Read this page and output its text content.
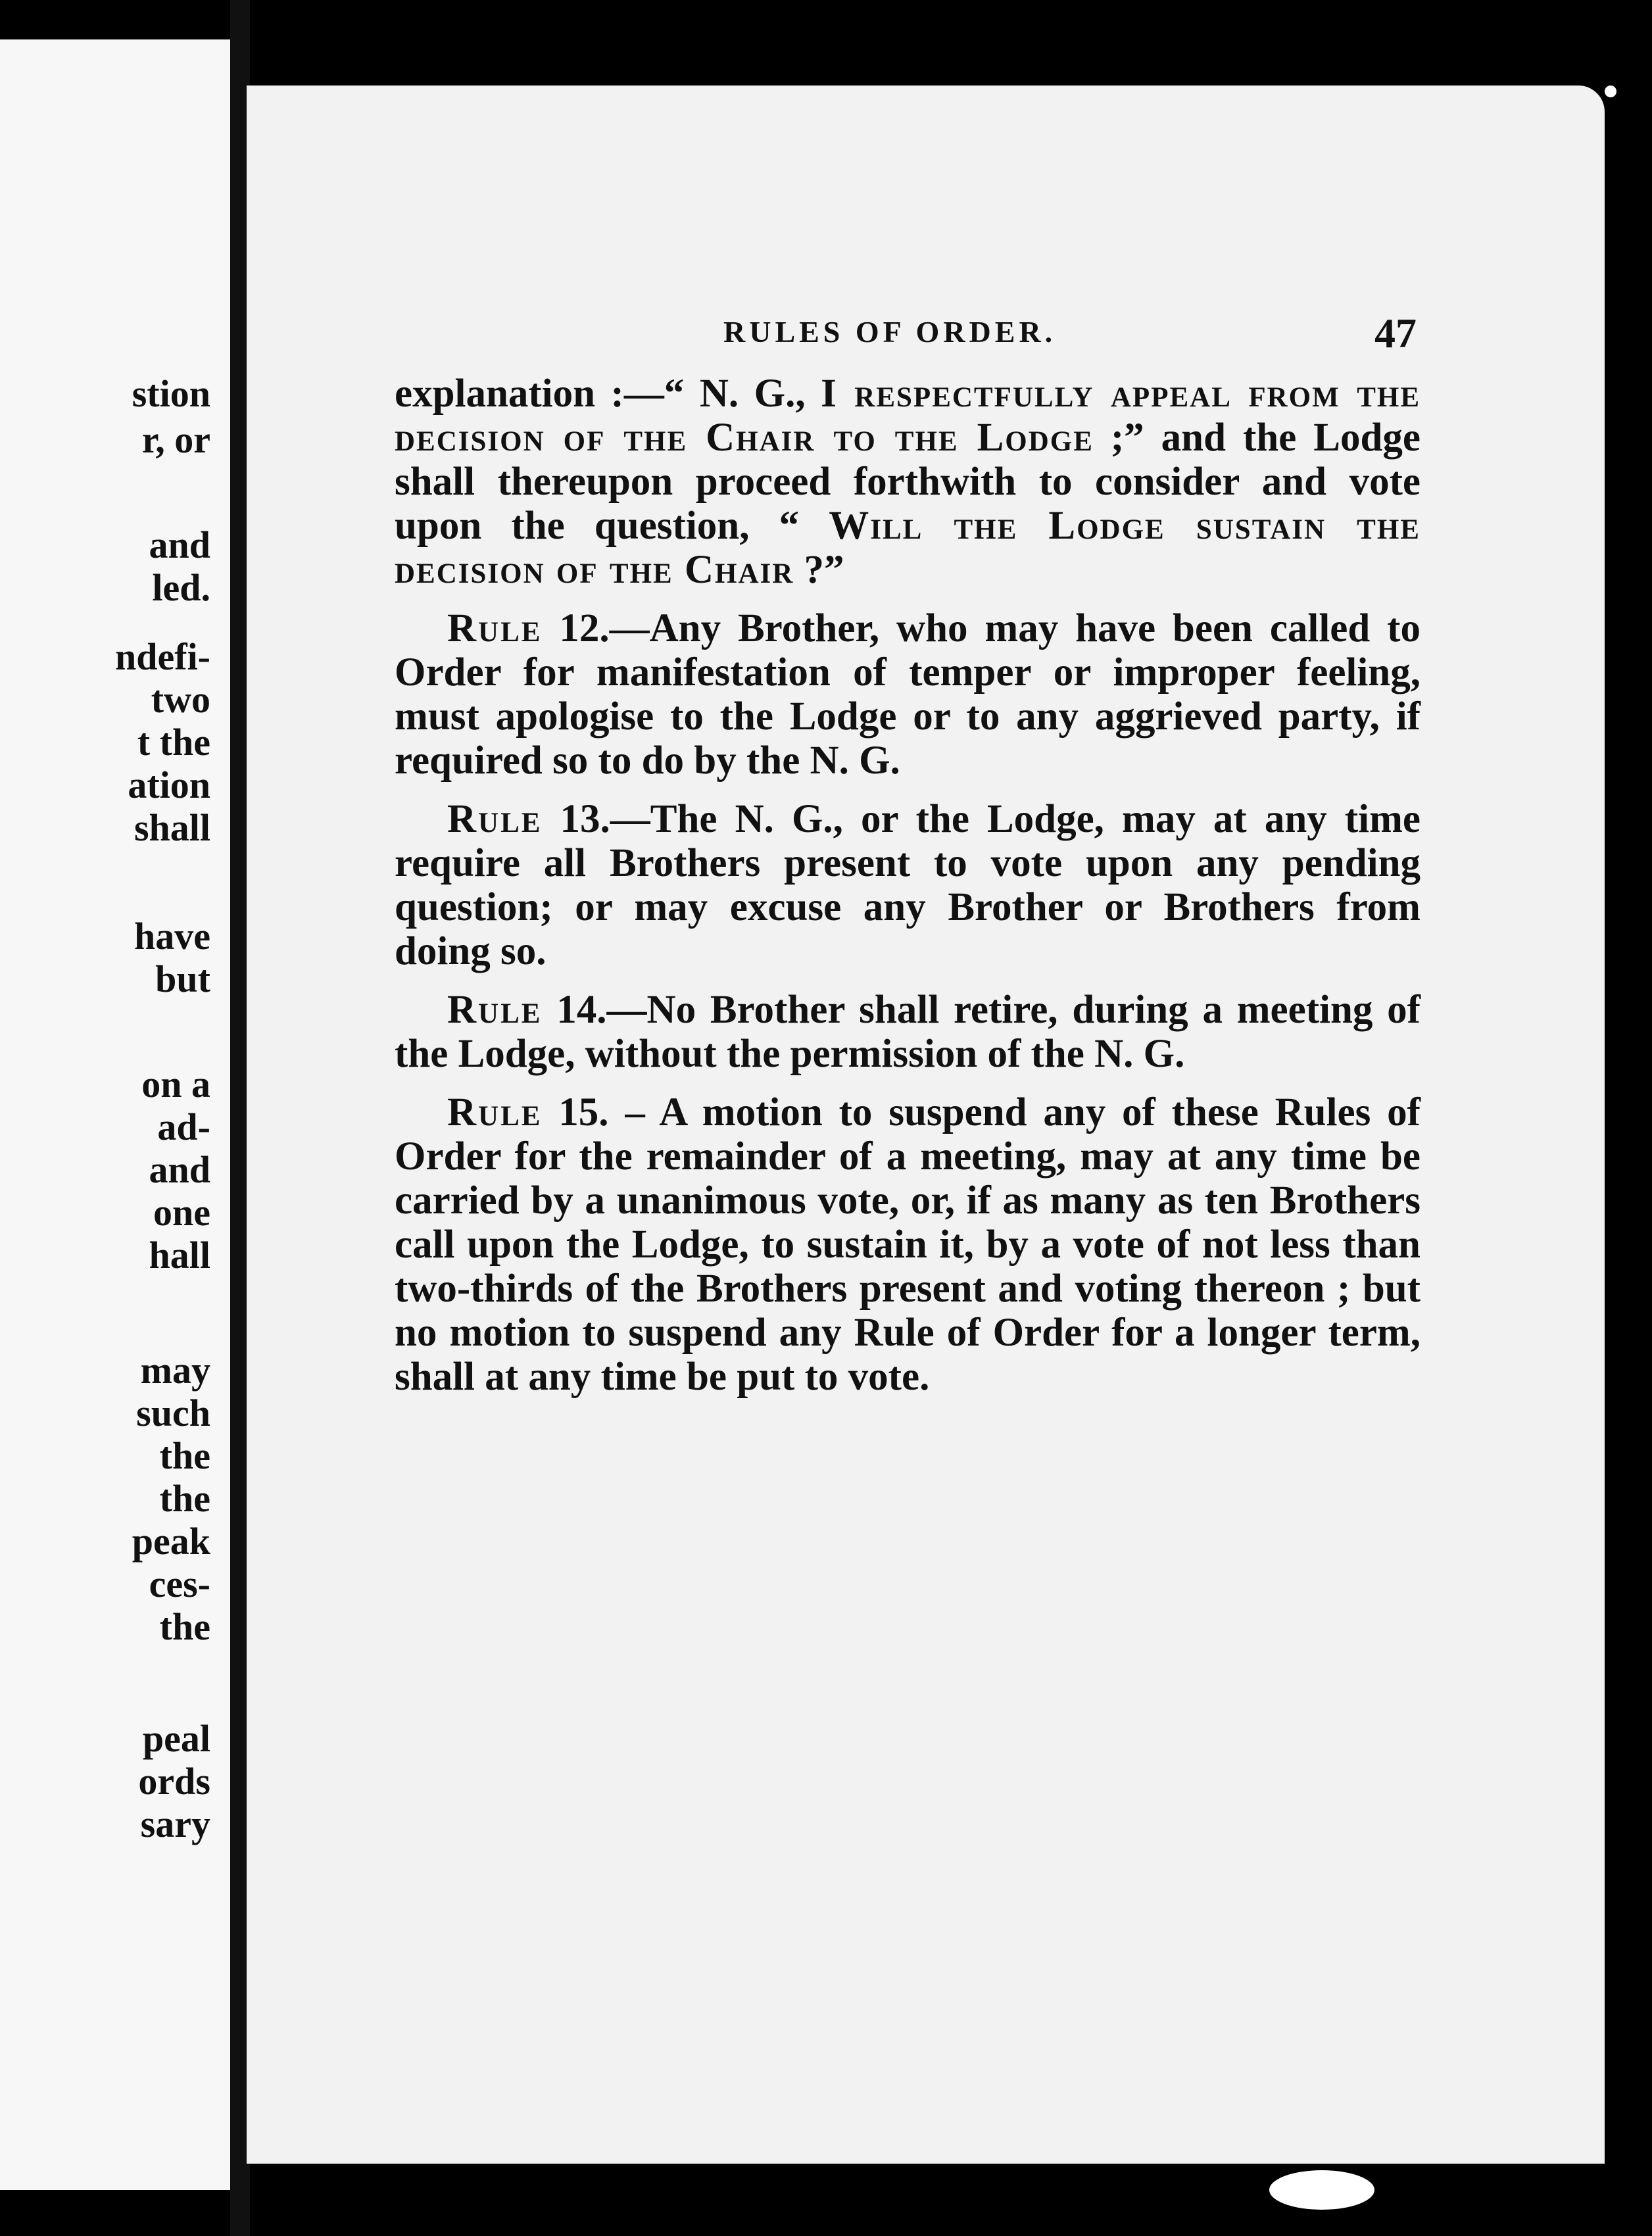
stion
r, or
and
led.
ndefi-
two
t the
ation
shall
have
but
on a
ad-
and
one
hall
may
such
the
the
peak
ces-
the
peal
ords
sary
RULES OF ORDER.	47

explanation :—“ N. G., I respectfully appeal from the decision of the Chair to the Lodge ;” and the Lodge shall thereupon proceed forthwith to consider and vote upon the question, “ Will the Lodge sustain the decision of the Chair ?”

Rule 12.—Any Brother, who may have been called to Order for manifestation of temper or improper feeling, must apologise to the Lodge or to any aggrieved party, if required so to do by the N. G.

Rule 13.—The N. G., or the Lodge, may at any time require all Brothers present to vote upon any pending question; or may excuse any Brother or Brothers from doing so.

Rule 14.—No Brother shall retire, during a meeting of the Lodge, without the permission of the N. G.

Rule 15. – A motion to suspend any of these Rules of Order for the remainder of a meeting, may at any time be carried by a unanimous vote, or, if as many as ten Brothers call upon the Lodge, to sustain it, by a vote of not less than two-thirds of the Brothers present and voting thereon ; but no motion to suspend any Rule of Order for a longer term, shall at any time be put to vote.
